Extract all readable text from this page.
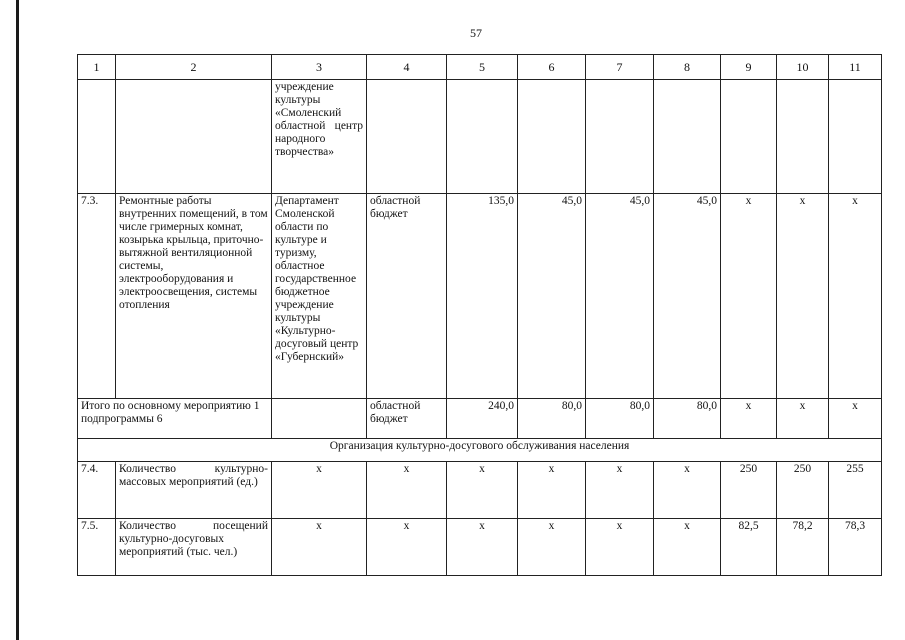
57
1	2	3	4	5	6	7	8	9	10	11
		учреждение культуры «Смоленский областной центр народного творчества»								
7.3.	Ремонтные работы внутренних помещений, в том числе гримерных комнат, козырька крыльца, приточно-вытяжной вентиляционной системы, электрооборудования и электроосвещения, системы отопления	Департамент Смоленской области по культуре и туризму, областное государственное бюджетное учреждение культуры «Культурно-досуговый центр «Губернский»	областной бюджет	135,0	45,0	45,0	45,0	х	х	х
Итого по основному мероприятию 1 подпрограммы 6			областной бюджет	240,0	80,0	80,0	80,0	х	х	х
Организация культурно-досугового обслуживания населения										
7.4.	Количество культурно-массовых мероприятий (ед.)	х	х	х	х	х	х	250	250	255
7.5.	Количество посещений культурно-досуговых мероприятий (тыс. чел.)	х	х	х	х	х	х	82,5	78,2	78,3
